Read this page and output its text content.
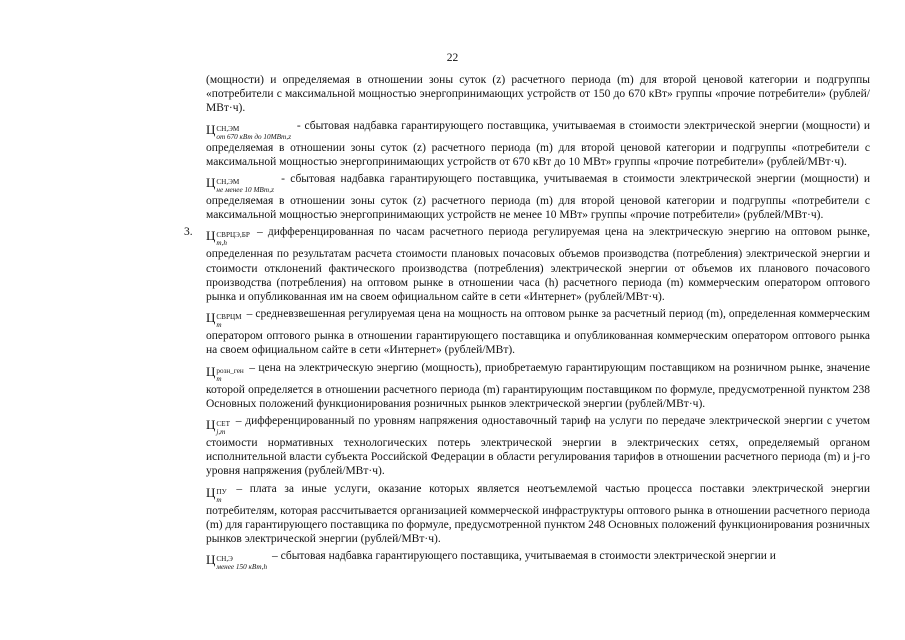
22
(мощности) и определяемая в отношении зоны суток (z) расчетного периода (m) для второй ценовой категории и подгруппы «потребители с максимальной мощностью энергопринимающих устройств от 150 до 670 кВт» группы «прочие потребители» (рублей/МВт·ч).
Ц СН,ЭМ
от 670 кВт до 10МВт,z
- сбытовая надбавка гарантирующего поставщика, учитываемая в стоимости электрической энергии (мощности) и определяемая в отношении зоны суток (z) расчетного периода (m) для второй ценовой категории и подгруппы «потребители с максимальной мощностью энергопринимающих устройств от 670 кВт до 10 МВт» группы «прочие потребители» (рублей/МВт·ч).
Ц СН,ЭМ
не менее 10 МВт,z
- сбытовая надбавка гарантирующего поставщика, учитываемая в стоимости электрической энергии (мощности) и определяемая в отношении зоны суток (z) расчетного периода (m) для второй ценовой категории и подгруппы «потребители с максимальной мощностью энергопринимающих устройств не менее 10 МВт» группы «прочие потребители» (рублей/МВт·ч).
3. Ц СВРЦЭ,БР
m,h
– дифференцированная по часам расчетного периода регулируемая цена на электрическую энергию на оптовом рынке, определенная по результатам расчета стоимости плановых почасовых объемов производства (потребления) электрической энергии и стоимости отклонений фактического производства (потребления) электрической энергии от объемов их планового почасового производства (потребления) на оптовом рынке в отношении часа (h) расчетного периода (m) коммерческим оператором оптового рынка и опубликованная им на своем официальном сайте в сети «Интернет» (рублей/МВт·ч).
Ц СВРЦМ
m
– средневзвешенная регулируемая цена на мощность на оптовом рынке за расчетный период (m), определенная коммерческим оператором оптового рынка в отношении гарантирующего поставщика и опубликованная коммерческим оператором оптового рынка на своем официальном сайте в сети «Интернет» (рублей/МВт).
Ц розн_ген
m
– цена на электрическую энергию (мощность), приобретаемую гарантирующим поставщиком на розничном рынке, значение которой определяется в отношении расчетного периода (m) гарантирующим поставщиком по формуле, предусмотренной пунктом 238 Основных положений функционирования розничных рынков электрической энергии (рублей/МВт·ч).
Ц СЕТ
j,m
– дифференцированный по уровням напряжения одноставочный тариф на услуги по передаче электрической энергии с учетом стоимости нормативных технологических потерь электрической энергии в электрических сетях, определяемый органом исполнительной власти субъекта Российской Федерации в области регулирования тарифов в отношении расчетного периода (m) и j-го уровня напряжения (рублей/МВт·ч).
Ц ПУ
m
– плата за иные услуги, оказание которых является неотъемлемой частью процесса поставки электрической энергии потребителям, которая рассчитывается организацией коммерческой инфраструктуры оптового рынка в отношении расчетного периода (m) для гарантирующего поставщика по формуле, предусмотренной пунктом 248 Основных положений функционирования розничных рынков электрической энергии (рублей/МВт·ч).
Ц СН,Э
менее 150 кВт,h
– сбытовая надбавка гарантирующего поставщика, учитываемая в стоимости электрической энергии и
